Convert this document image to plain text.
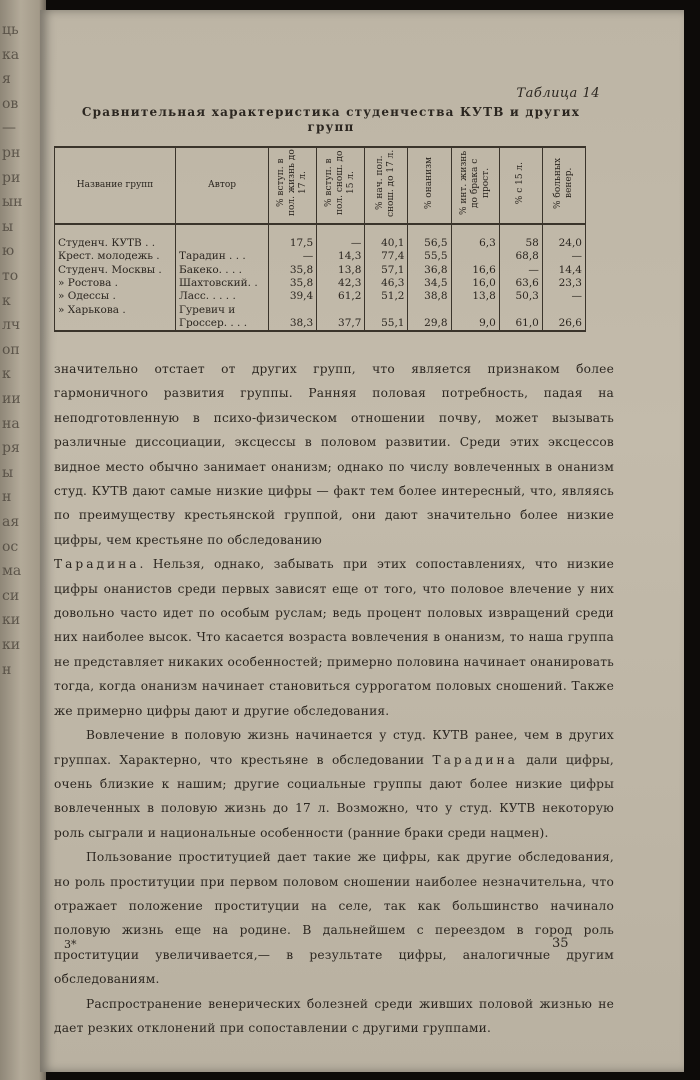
ць
ка
я
ов
—
рн
ри
ын
ы
ю
то
к
лч
оп
к
ии
на
ря
ы
н
ая
ос
ма
си
ки
ки
н
Таблица 14
Сравнительная характеристика студенчества КУТВ и других
групп
Название групп	Автор	% вступ. в пол. жизнь до 17 л.	% вступ. в пол. снош. до 15 л.	% нач. пол. снош. до 17 л.	% онанизм	% инт. жизнь до брака с прост.	% с 15 л.	% больных венер.

Студенч. КУТВ . .		17,5	—	40,1	56,5	6,3	58	24,0
Крест. молодежь .	Тарадин . . .	—	14,3	77,4	55,5		68,8	—
Студенч. Москвы .	Бакеко. . . .	35,8	13,8	57,1	36,8	16,6	—	14,4
» Ростова .	Шахтовский. .	35,8	42,3	46,3	34,5	16,0	63,6	23,3
» Одессы .	Ласс. . . . .	39,4	61,2	51,2	38,8	13,8	50,3	—
» Харькова .	Гуревич и							
	Гроссер. . . .	38,3	37,7	55,1	29,8	9,0	61,0	26,6

значительно отстает от других групп, что является признаком более гармоничного развития группы. Ранняя половая потребность, падая на неподготовленную в психо-физическом отношении почву, может вызывать различные диссоциации, эксцессы в половом развитии. Среди этих эксцессов видное место обычно занимает онанизм; однако по числу вовлеченных в онанизм студ. КУТВ дают самые низкие цифры — факт тем более интересный, что, являясь по преимуществу крестьянской группой, они дают значительно более низкие цифры, чем крестьяне по обследованию

Тарадина. Нельзя, однако, забывать при этих сопоставлениях, что низкие цифры онанистов среди первых зависят еще от того, что половое влечение у них довольно часто идет по особым руслам; ведь процент половых извращений среди них наиболее высок. Что касается возраста вовлечения в онанизм, то наша группа не представляет никаких особенностей; примерно половина начинает онанировать тогда, когда онанизм начинает становиться суррогатом половых сношений. Также же примерно цифры дают и другие обследования.

Вовлечение в половую жизнь начинается у студ. КУТВ ранее, чем в других группах. Характерно, что крестьяне в обследовании Тарадина дали цифры, очень близкие к нашим; другие социальные группы дают более низкие цифры вовлеченных в половую жизнь до 17 л. Возможно, что у студ. КУТВ некоторую роль сыграли и национальные особенности (ранние браки среди нацмен).

Пользование проституцией дает такие же цифры, как другие обследования, но роль проституции при первом половом сношении наиболее незначительна, что отражает положение проституции на селе, так как большинство начинало половую жизнь еще на родине. В дальнейшем с переездом в город роль проституции увеличивается,— в результате цифры, аналогичные другим обследованиям.

Распространение венерических болезней среди живших половой жизнью не дает резких отклонений при сопоставлении с другими группами.

3*	35
